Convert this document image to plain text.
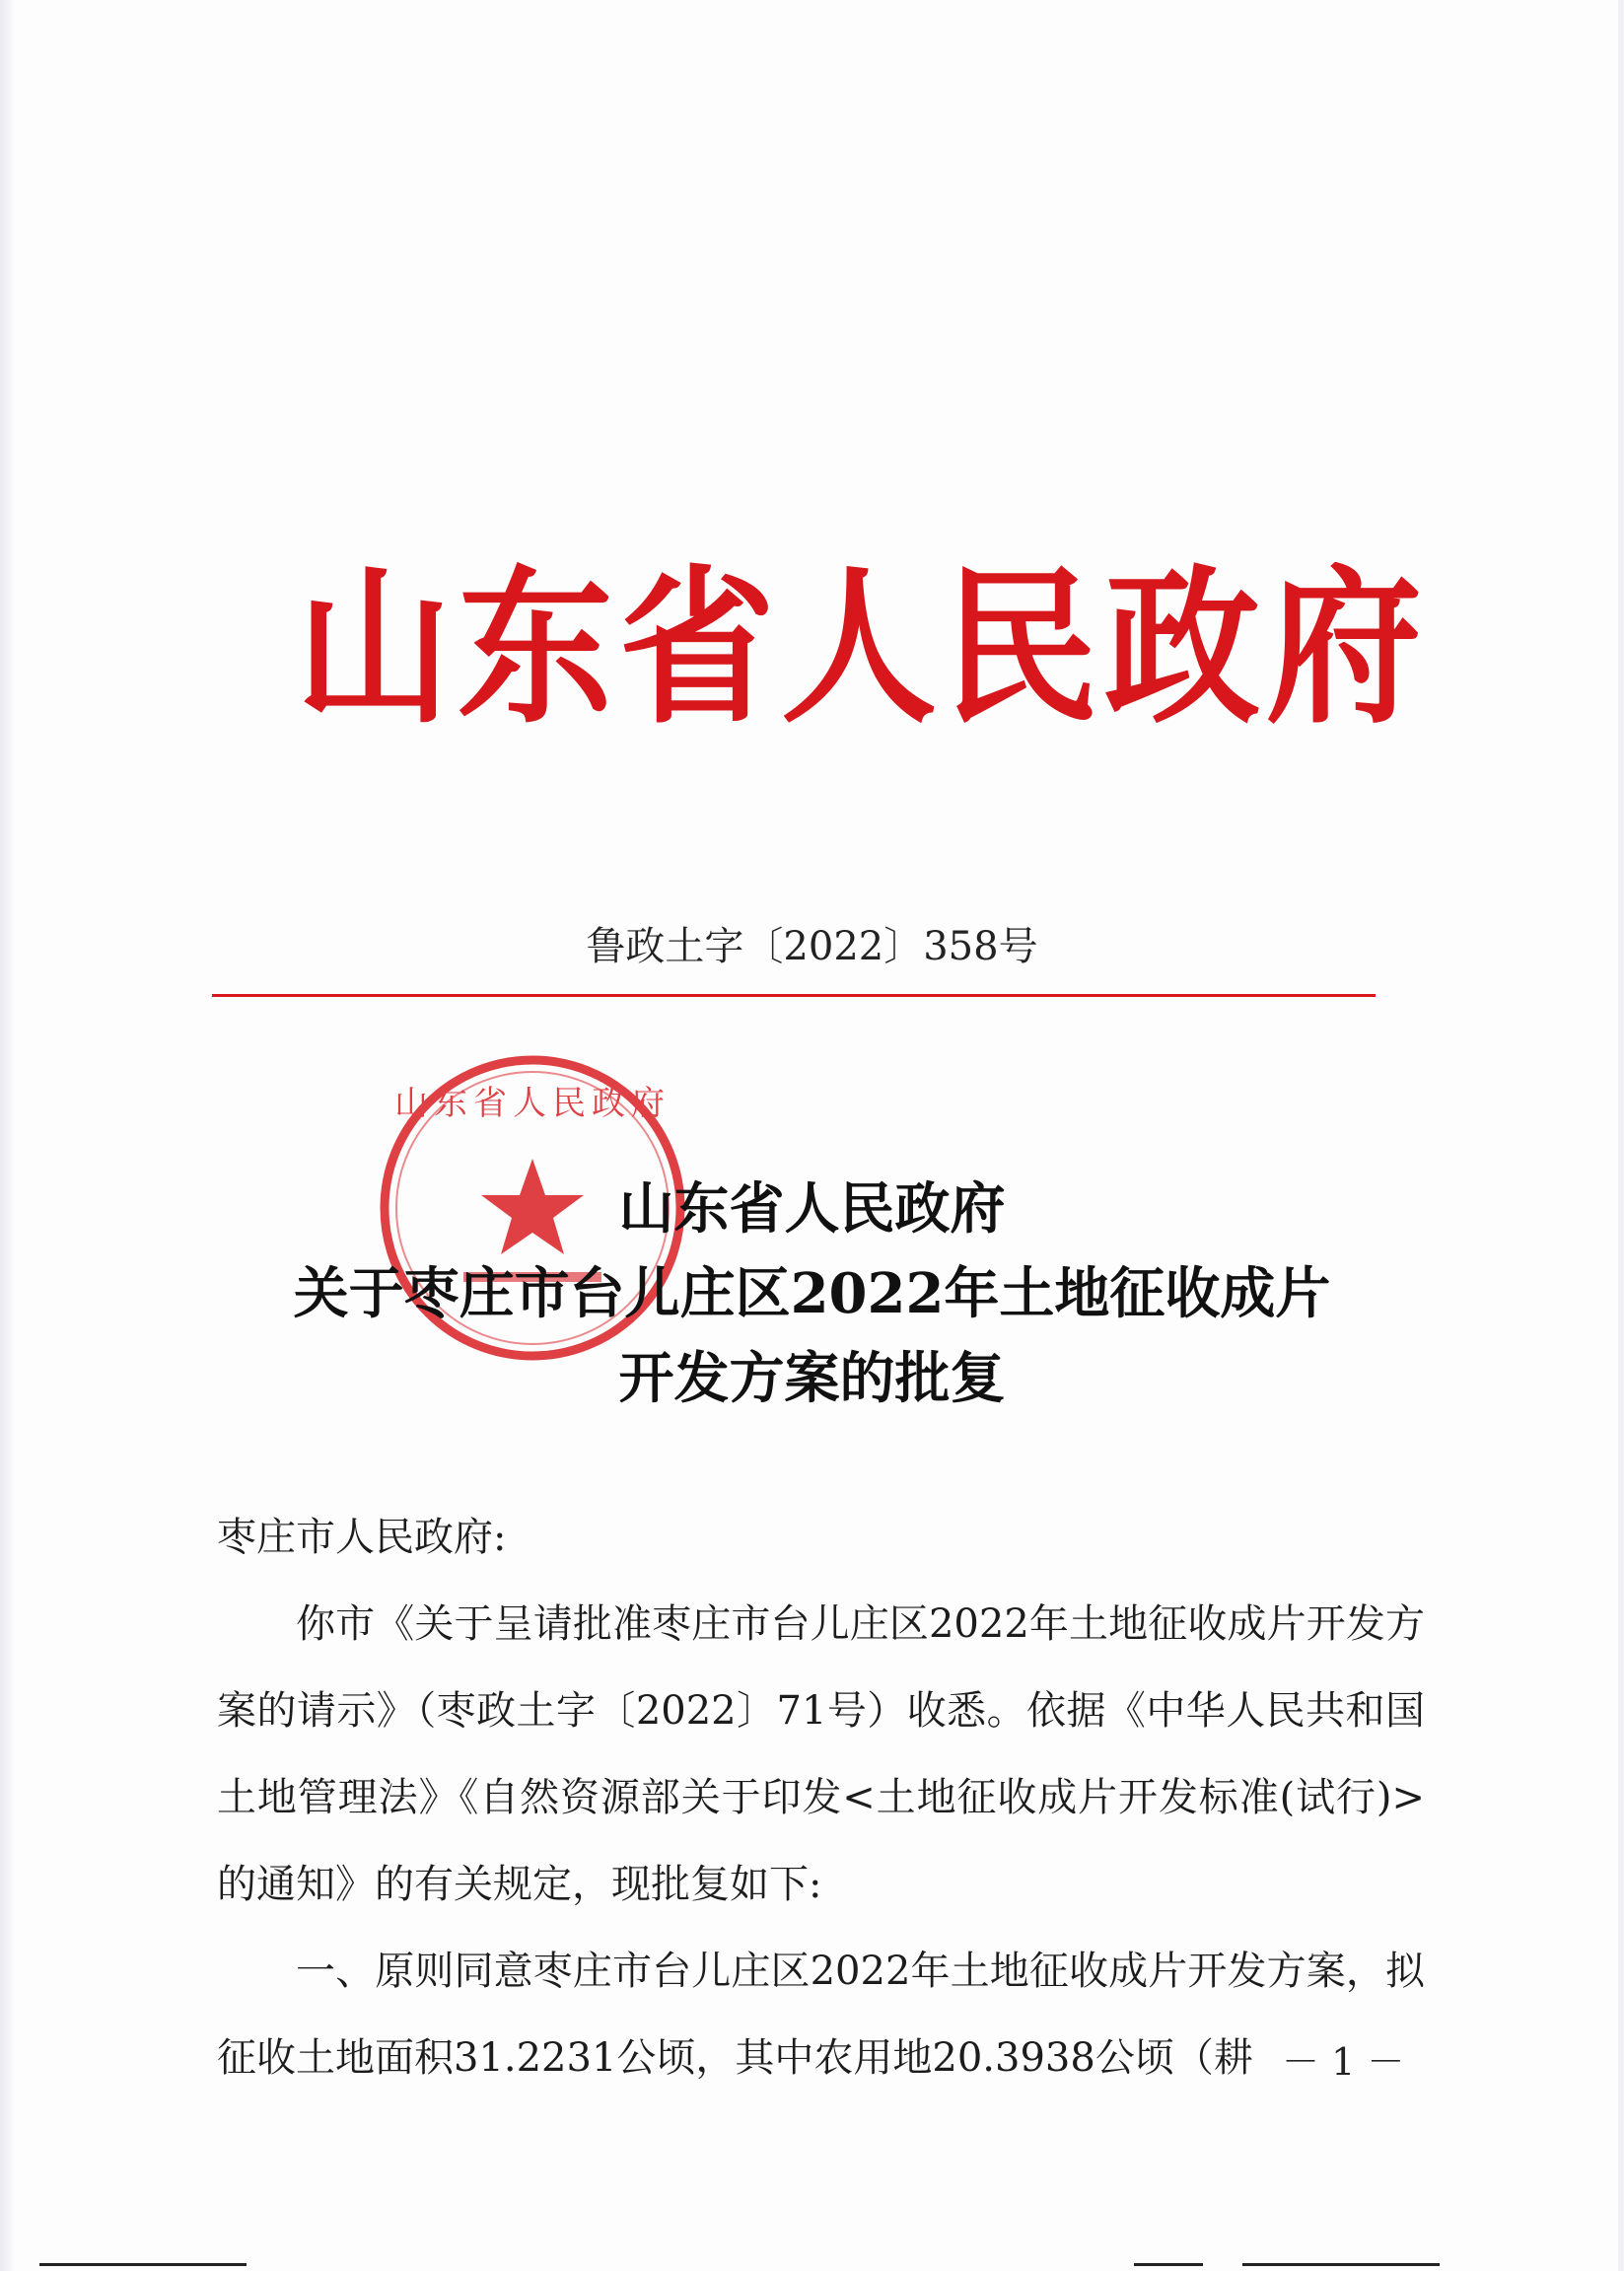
山东省人民政府
鲁政土字〔2022〕358号
山东省人民政府
山东省人民政府
关于枣庄市台儿庄区2022年土地征收成片
开发方案的批复

枣庄市人民政府:

你市《关于呈请批准枣庄市台儿庄区2022年土地征收成片开发方案的请示》（枣政土字〔2022〕71号）收悉。依据《中华人民共和国土地管理法》《自然资源部关于印发<土地征收成片开发标准(试行)>的通知》的有关规定，现批复如下:

一、原则同意枣庄市台儿庄区2022年土地征收成片开发方案，拟征收土地面积31.2231公顷，其中农用地20.3938公顷（耕 － 1 －
